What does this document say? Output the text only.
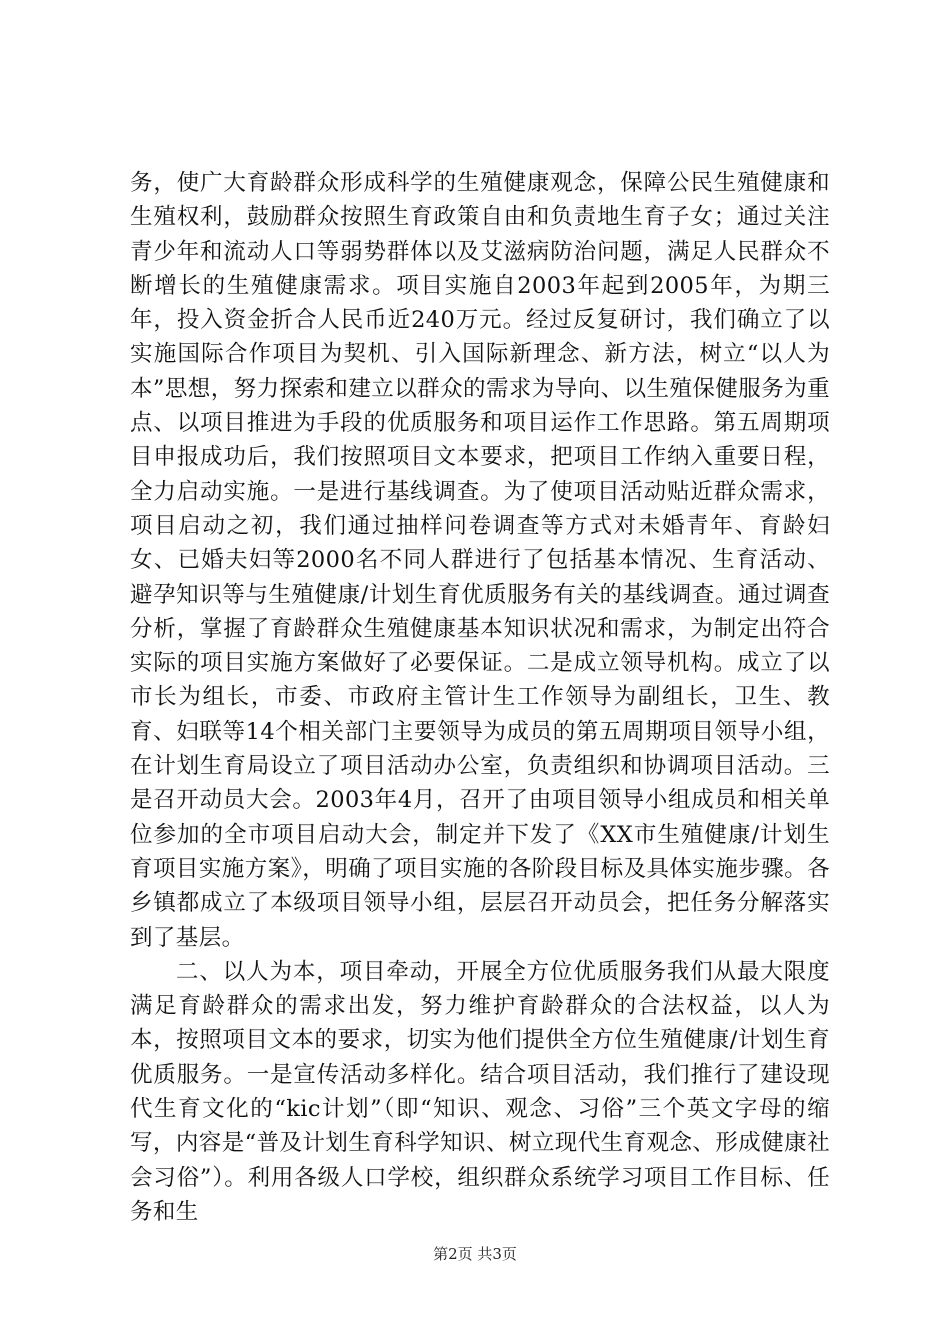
务，使广大育龄群众形成科学的生殖健康观念，保障公民生殖健康和生殖权利，鼓励群众按照生育政策自由和负责地生育子女；通过关注青少年和流动人口等弱势群体以及艾滋病防治问题，满足人民群众不断增长的生殖健康需求。项目实施自2003年起到2005年，为期三年，投入资金折合人民币近240万元。经过反复研讨，我们确立了以实施国际合作项目为契机、引入国际新理念、新方法，树立“以人为本”思想，努力探索和建立以群众的需求为导向、以生殖保健服务为重点、以项目推进为手段的优质服务和项目运作工作思路。第五周期项目申报成功后，我们按照项目文本要求，把项目工作纳入重要日程，全力启动实施。一是进行基线调查。为了使项目活动贴近群众需求，项目启动之初，我们通过抽样问卷调查等方式对未婚青年、育龄妇女、已婚夫妇等2000名不同人群进行了包括基本情况、生育活动、避孕知识等与生殖健康/计划生育优质服务有关的基线调查。通过调查分析，掌握了育龄群众生殖健康基本知识状况和需求，为制定出符合实际的项目实施方案做好了必要保证。二是成立领导机构。成立了以市长为组长，市委、市政府主管计生工作领导为副组长，卫生、教育、妇联等14个相关部门主要领导为成员的第五周期项目领导小组，在计划生育局设立了项目活动办公室，负责组织和协调项目活动。三是召开动员大会。2003年4月，召开了由项目领导小组成员和相关单位参加的全市项目启动大会，制定并下发了《XX市生殖健康/计划生育项目实施方案》，明确了项目实施的各阶段目标及具体实施步骤。各乡镇都成立了本级项目领导小组，层层召开动员会，把任务分解落实到了基层。

二、以人为本，项目牵动，开展全方位优质服务我们从最大限度满足育龄群众的需求出发，努力维护育龄群众的合法权益，以人为本，按照项目文本的要求，切实为他们提供全方位生殖健康/计划生育优质服务。一是宣传活动多样化。结合项目活动，我们推行了建设现代生育文化的“kic计划”（即“知识、观念、习俗”三个英文字母的缩写，内容是“普及计划生育科学知识、树立现代生育观念、形成健康社会习俗”）。利用各级人口学校，组织群众系统学习项目工作目标、任务和生

第2页 共3页
